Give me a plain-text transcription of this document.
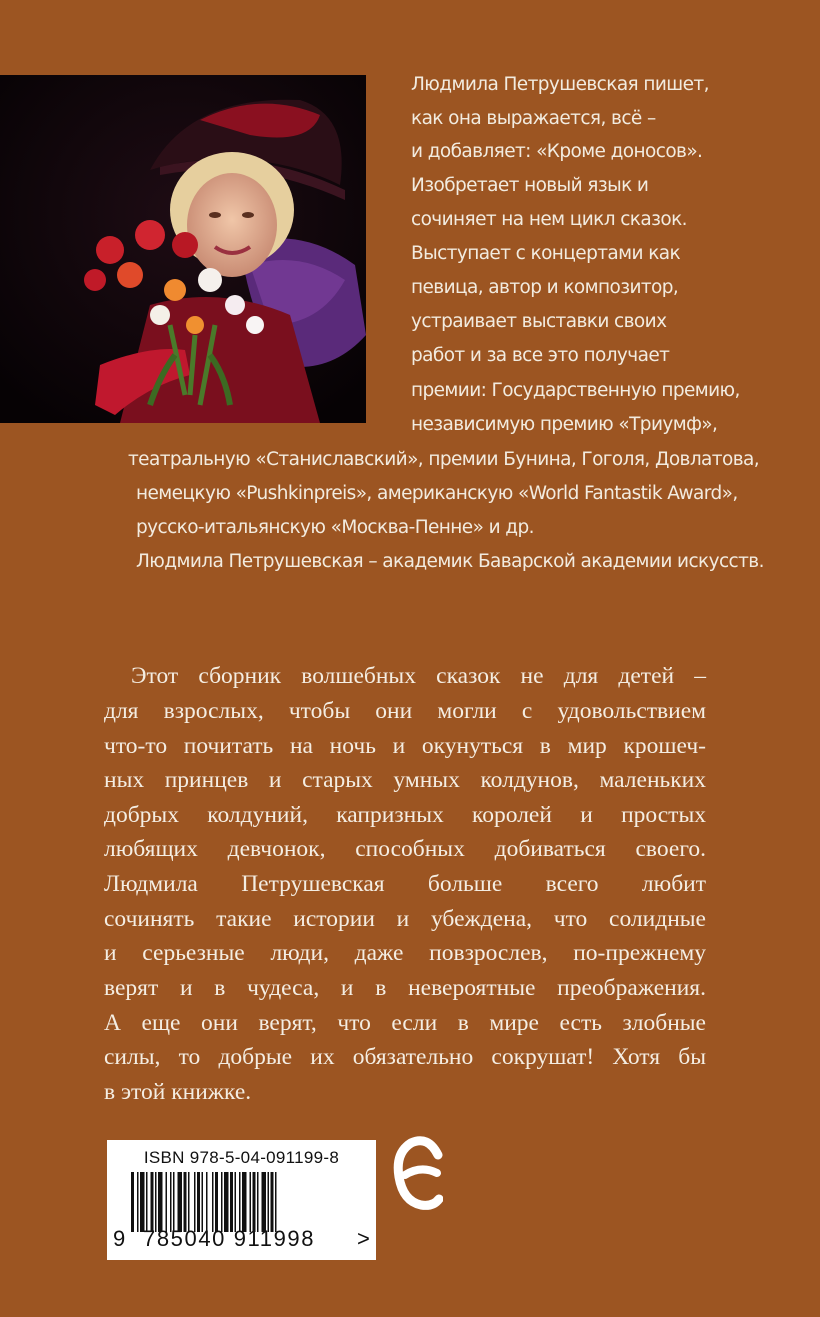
Людмила Петрушевская пишет,
как она выражается, всё –
и добавляет: «Кроме доносов».
Изобретает новый язык и
сочиняет на нем цикл сказок.
Выступает с концертами как
певица, автор и композитор,
устраивает выставки своих
работ и за все это получает
премии: Государственную премию,
независимую премию «Триумф»,
театральную «Станиславский», премии Бунина, Гоголя, Довлатова,
немецкую «Pushkinpreis», американскую «World Fantastik Award»,
русско-итальянскую «Москва-Пенне» и др.
Людмила Петрушевская – академик Баварской академии искусств.
Этот сборник волшебных сказок не для детей –
для взрослых, чтобы они могли с удовольствием
что-то почитать на ночь и окунуться в мир крошеч-
ных принцев и старых умных колдунов, маленьких
добрых колдуний, капризных королей и простых
любящих девчонок, способных добиваться своего.
Людмила Петрушевская больше всего любит
сочинять такие истории и убеждена, что солидные
и серьезные люди, даже повзрослев, по-прежнему
верят и в чудеса, и в невероятные преображения.
А еще они верят, что если в мире есть злобные
силы, то добрые их обязательно сокрушат! Хотя бы
в этой книжке.
ISBN 978-5-04-091199-8
9 785040 911998 >
